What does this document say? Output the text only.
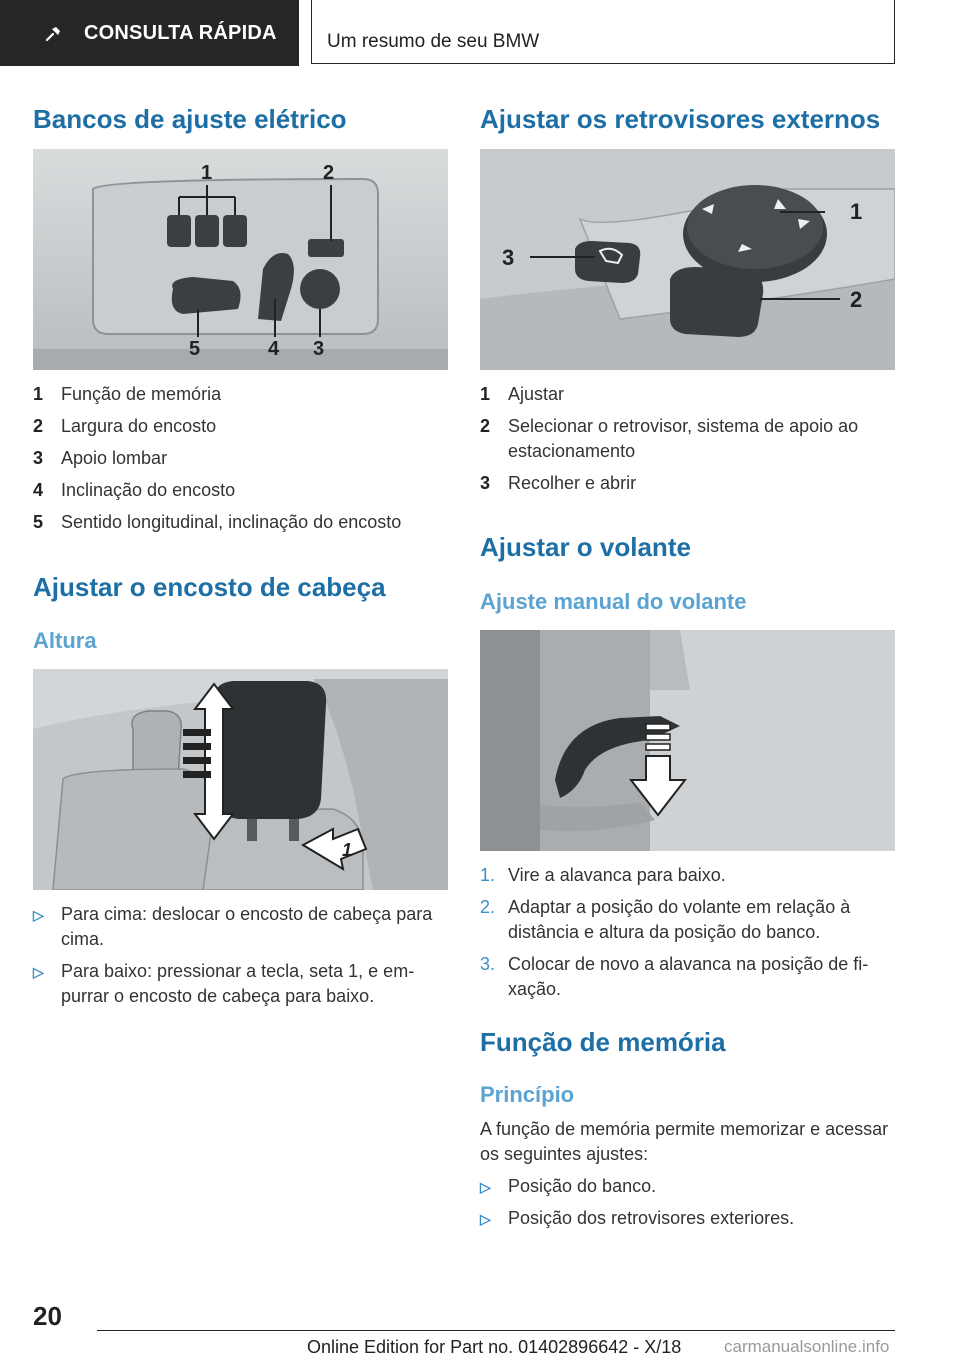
CONSULTA RÁPIDA	Um resumo de seu BMW
Bancos de ajuste elétrico
1	2
3
4
5
1 Função de memória
2 Largura do encosto
3 Apoio lombar
4 Inclinação do encosto
5 Sentido longitudinal, inclinação do encosto
Ajustar o encosto de cabeça
Altura
1
▷ Para cima: deslocar o encosto de cabeça para cima.
▷ Para baixo: pressionar a tecla, seta 1, e empurrar o encosto de cabeça para baixo.
Ajustar os retrovisores externos
1
2
3
1 Ajustar
2 Selecionar o retrovisor, sistema de apoio ao estacionamento
3 Recolher e abrir
Ajustar o volante
Ajuste manual do volante
1. Vire a alavanca para baixo.
2. Adaptar a posição do volante em relação à distância e altura da posição do banco.
3. Colocar de novo a alavanca na posição de fixação.
Função de memória
Princípio

A função de memória permite memorizar e acessar os seguintes ajustes:

▷ Posição do banco.
▷ Posição dos retrovisores exteriores.
20
Online Edition for Part no. 01402896642 - X/18	carmanualsonline.info
